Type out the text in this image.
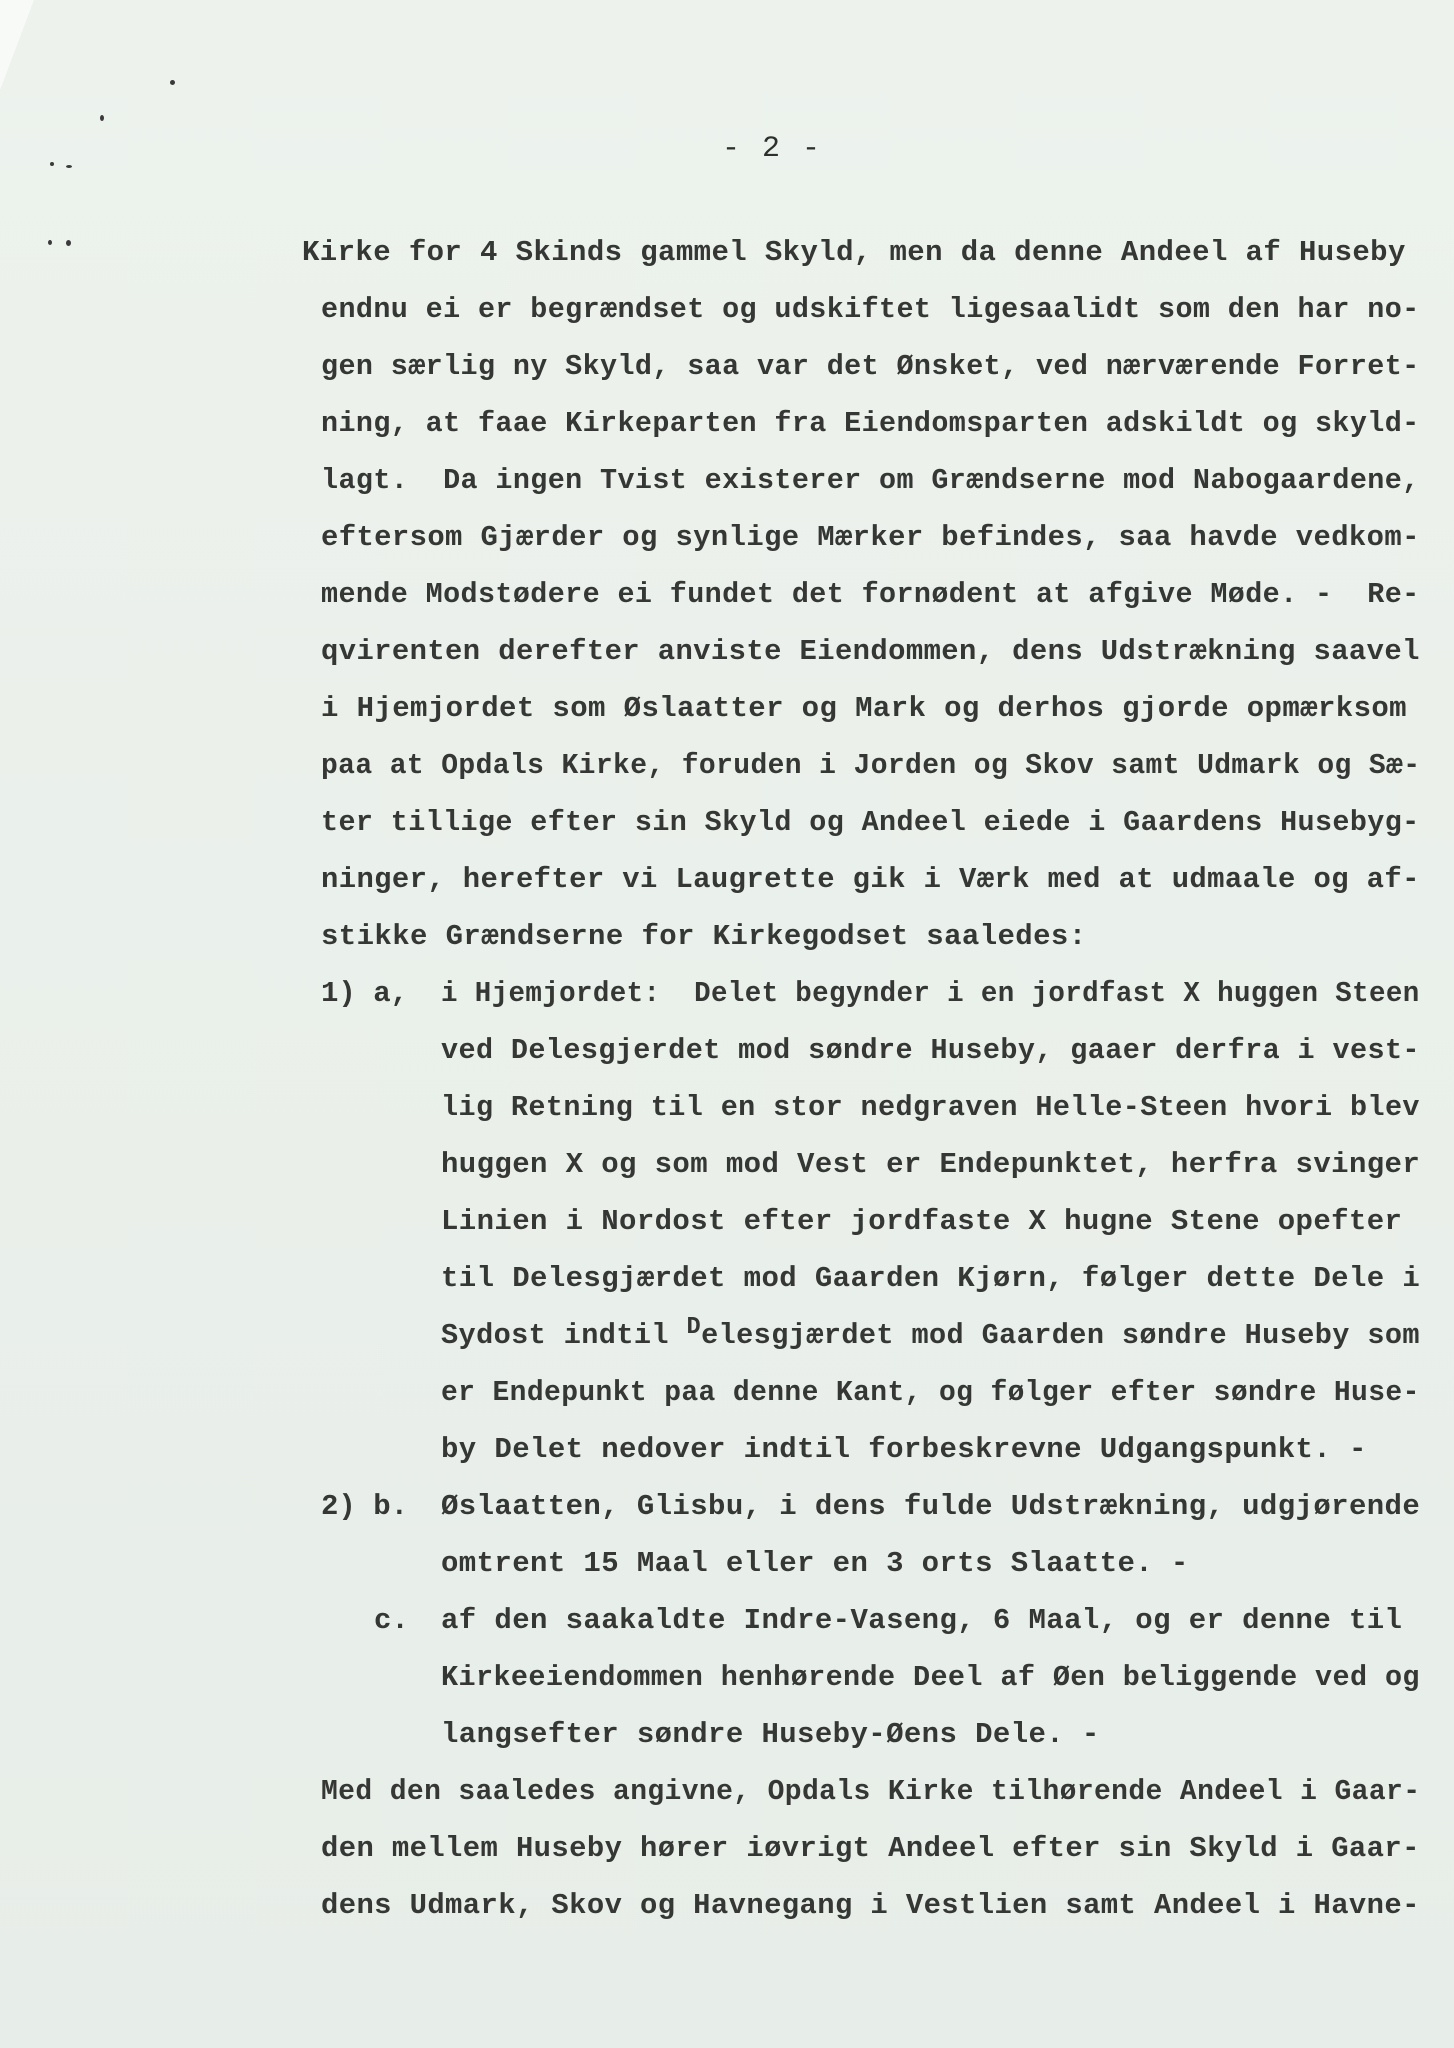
- 2 -
Kirke for 4 Skinds gammel Skyld, men da denne Andeel af Huseby
endnu ei er begrændset og udskiftet ligesaalidt som den har no-
gen særlig ny Skyld, saa var det Ønsket, ved nærværende Forret-
ning, at faae Kirkeparten fra Eiendomsparten adskildt og skyld-
lagt.  Da ingen Tvist existerer om Grændserne mod Nabogaardene,
eftersom Gjærder og synlige Mærker befindes, saa havde vedkom-
mende Modstødere ei fundet det fornødent at afgive Møde. -  Re-
qvirenten derefter anviste Eiendommen, dens Udstrækning saavel
i Hjemjordet som Øslaatter og Mark og derhos gjorde opmærksom
paa at Opdals Kirke, foruden i Jorden og Skov samt Udmark og Sæ-
ter tillige efter sin Skyld og Andeel eiede i Gaardens Husebyg-
ninger, herefter vi Laugrette gik i Værk med at udmaale og af-
stikke Grændserne for Kirkegodset saaledes:
1) a, i Hjemjordet:  Delet begynder i en jordfast X huggen Steen
ved Delesgjerdet mod søndre Huseby, gaaer derfra i vest-
lig Retning til en stor nedgraven Helle-Steen hvori blev
huggen X og som mod Vest er Endepunktet, herfra svinger
Linien i Nordost efter jordfaste X hugne Stene opefter
til Delesgjærdet mod Gaarden Kjørn, følger dette Dele i
Sydost indtil $^D$elesgjærdet mod Gaarden søndre Huseby som
er Endepunkt paa denne Kant, og følger efter søndre Huse-
by Delet nedover indtil forbeskrevne Udgangspunkt. -
2) b. Øslaatten, Glisbu, i dens fulde Udstrækning, udgjørende
omtrent 15 Maal eller en 3 orts Slaatte. -
c. af den saakaldte Indre-Vaseng, 6 Maal, og er denne til
Kirkeeiendommen henhørende Deel af Øen beliggende ved og
langsefter søndre Huseby-Øens Dele. -
Med den saaledes angivne, Opdals Kirke tilhørende Andeel i Gaar-
den mellem Huseby hører iøvrigt Andeel efter sin Skyld i Gaar-
dens Udmark, Skov og Havnegang i Vestlien samt Andeel i Havne-
